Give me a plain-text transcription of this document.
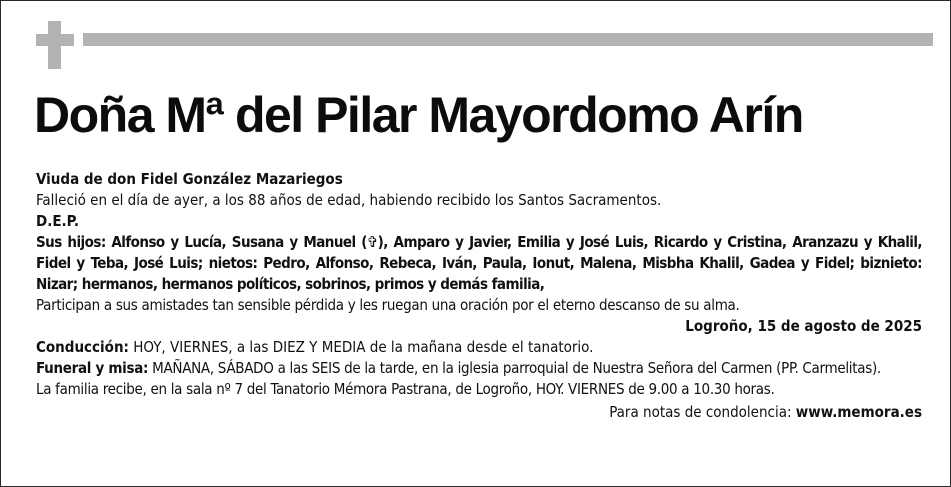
Doña Mª del Pilar Mayordomo Arín

Viuda de don Fidel González Mazariegos

Falleció en el día de ayer, a los 88 años de edad, habiendo recibido los Santos Sacramentos.

D.E.P.

Sus hijos: Alfonso y Lucía, Susana y Manuel (✞), Amparo y Javier, Emilia y José Luis, Ricardo y Cristina, Aranzazu y Khalil, Fidel y Teba, José Luis; nietos: Pedro, Alfonso, Rebeca, Iván, Paula, Ionut, Malena, Misbha Khalil, Gadea y Fidel; biznieto: Nizar; hermanos, hermanos políticos, sobrinos, primos y demás familia,

Participan a sus amistades tan sensible pérdida y les ruegan una oración por el eterno descanso de su alma.

Logroño, 15 de agosto de 2025

Conducción: HOY, VIERNES, a las DIEZ Y MEDIA de la mañana desde el tanatorio.

Funeral y misa: MAÑANA, SÁBADO a las SEIS de la tarde, en la iglesia parroquial de Nuestra Señora del Carmen (PP. Carmelitas).

La familia recibe, en la sala nº 7 del Tanatorio Mémora Pastrana, de Logroño, HOY. VIERNES de 9.00 a 10.30 horas.

Para notas de condolencia: www.memora.es
